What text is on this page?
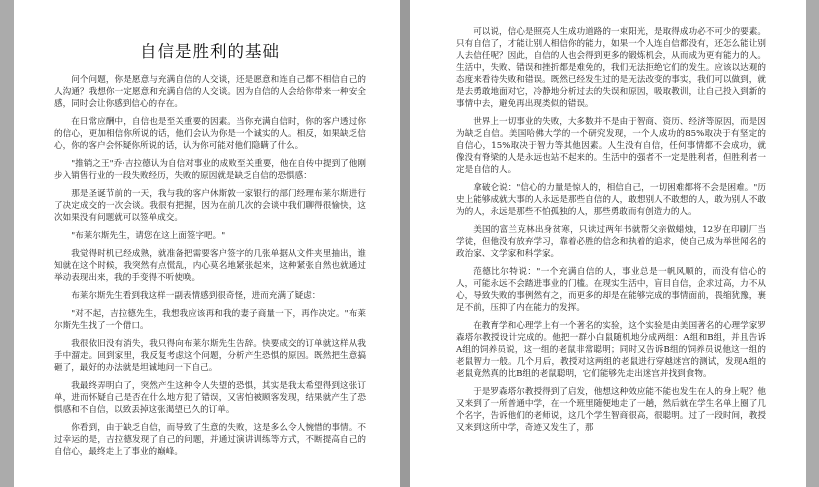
自信是胜利的基础

问个问题，你是愿意与充满自信的人交谈，还是愿意和连自己都不相信自己的人沟通？我想你一定愿意和充满自信的人交谈。因为自信的人会给你带来一种安全感，同时会让你感到信心的存在。

在日常应酬中，自信也是至关重要的因素。当你充满自信时，你的客户透过你的信心，更加相信你所说的话，他们会认为你是一个诚实的人。相反，如果缺乏信心，你的客户会怀疑你所说的话，认为你可能对他们隐瞒了什么。

"推销之王"乔·吉拉德认为自信对事业的成败至关重要，他在自传中提到了他刚步入销售行业的一段失败经历，失败的原因就是缺乏自信的恐惧感：

那是圣诞节前的一天，我与我的客户休斯敦一家银行的部门经理布莱尔斯进行了决定成交的一次会谈。我很有把握，因为在前几次的会谈中我们聊得很愉快，这次如果没有问题就可以签单成交。

"布莱尔斯先生，请您在这上面签字吧。"

我觉得时机已经成熟，就准备把需要客户签字的几张单据从文件夹里抽出，谁知就在这个时候，我突然有点慌乱，内心莫名地紧张起来，这种紧张自然也就通过举动表现出来，我的手变得不听使唤。

布莱尔斯先生看到我这样一副表情感到很奇怪，进而充满了疑虑：

"对不起，吉拉德先生，我想我应该再和我的妻子商量一下，再作决定。"布莱尔斯先生找了一个借口。

我很依旧没有消失，我只得向布莱尔斯先生告辞。快要成交的订单就这样从我手中溜走。回到家里，我反复考虑这个问题，分析产生恐惧的原因。既然把生意搞砸了，最好的办法就是坦诚地问一下自己。

我最终弄明白了，突然产生这种令人失望的恐惧，其实是我太希望得到这张订单，进而怀疑自己是否在什么地方犯了错误，又害怕被顾客发现，结果就产生了恐惧感和不自信，以致丢掉这张渴望已久的订单。

你看到，由于缺乏自信，而导致了生意的失败，这是多么令人惋惜的事情。不过幸运的是，吉拉德发现了自己的问题，并通过演讲训练等方式，不断提高自己的自信心，最终走上了事业的巅峰。

可以说，信心是照亮人生成功道路的一束阳光，是取得成功必不可少的要素。只有自信了，才能让别人相信你的能力，如果一个人连自信都没有，还怎么能让别人去信任呢？因此，自信的人也会得到更多的锻炼机会，从而成为更有能力的人。生活中，失败、错误和挫折都是难免的，我们无法拒绝它们的发生。应该以达观的态度来看待失败和错误。既然已经发生过的是无法改变的事实，我们可以做到，就是去勇敢地面对它，冷静地分析过去的失误和原因，吸取教训，让自己投入到新的事情中去，避免再出现类似的错误。

世界上一切事业的失败，大多数并不是由于智商、资历、经济等原因，而是因为缺乏自信。美国哈佛大学的一个研究发现，一个人成功的85%取决于有坚定的自信心，15%取决于智力等其他因素。人生没有自信，任何事情都不会成功，就像没有脊梁的人是永远也站不起来的。生活中的强者不一定是胜利者，但胜利者一定是自信的人。

拿破仑说："信心的力量是惊人的，相信自己，一切困难都将不会是困难。"历史上能够成就大事的人永远是那些自信的人，敢想别人不敢想的人，敢为别人不敢为的人，永远是那些不怕孤独的人，那些勇敢而有创造力的人。

美国的富兰克林出身贫寒，只读过两年书就帮父亲做蜡烛，12岁在印刷厂当学徒，但他没有放弃学习，靠着必胜的信念和执着的追求，使自己成为举世闻名的政治家、文学家和科学家。

范德比尔特说："一个充满自信的人，事业总是一帆风顺的，而没有信心的人，可能永远不会踏进事业的门槛。在现实生活中，盲目自信，企求过高，力不从心，导致失败的事例然有之，而更多的却是在能够完成的事情面前，畏缩犹豫，裹足不前，压抑了内在能力的发挥。

在教育学和心理学上有一个著名的实验，这个实验是由美国著名的心理学家罗森塔尔教授设计完成的。他把一群小白鼠随机地分成两组：A组和B组，并且告诉A组的饲养员说，这一组的老鼠非常聪明；同时又告诉B组的饲养员说他这一组的老鼠智力一般。几个月后，教授对这两组的老鼠进行穿越迷宫的测试，发现A组的老鼠竟然真的比B组的老鼠聪明，它们能够先走出迷宫并找到食物。

于是罗森塔尔教授得到了启发，他想这种效应能不能也发生在人的身上呢？他又来到了一所普通中学，在一个班里随便地走了一趟，然后就在学生名单上圈了几个名字，告诉他们的老师说，这几个学生智商很高，很聪明。过了一段时间，教授又来到这所中学，奇迹又发生了，那
